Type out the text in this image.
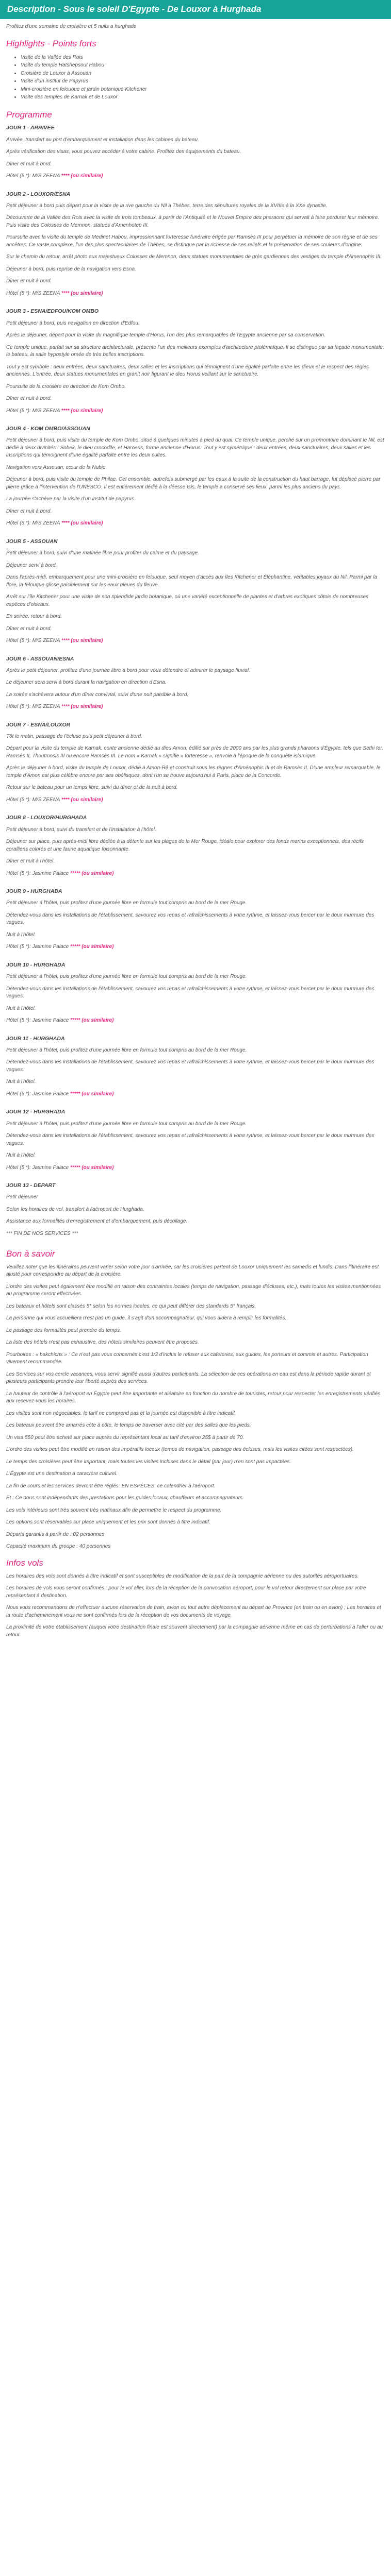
Description - Sous le soleil D'Egypte - De Louxor à Hurghada

Profitez d'une semaine de croisière et 5 nuits a hurghada

Highlights - Points forts
• Visite de la Vallée des Rois
• Visite du temple Hatshepsout Habou
• Croisière de Louxor à Assouan
• Visite d'un institut de Papyrus
• Mini-croisière en felouque et jardin botanique Kitchener
• Visite des temples de Karnak et de Louxor
Programme
JOUR 1 - ARRIVEE

Arrivée, transfert au port d'embarquement et installation dans les cabines du bateau.

Après vérification des visas, vous pouvez accéder à votre cabine. Profitez des équipements du bateau.

Dîner et nuit à bord.

Hôtel (5 *): M/S ZEENA **** (ou similaire)

JOUR 2 - LOUXOR/ESNA

Petit déjeuner à bord puis départ pour la visite de la rive gauche du Nil à Thèbes, terre des sépultures royales de la XVIIIe à la XXe dynastie.

Découverte de la Vallée des Rois avec la visite de trois tombeaux, à partir de l'Antiquité et le Nouvel Empire des pharaons qui servait à faire perdurer leur mémoire. Puis visite des Colosses de Memnon, statues d'Amenhotep III.

Poursuite avec la visite du temple de Medinet Habou, impressionnant forteresse funéraire érigée par Ramsès III pour perpétuer la mémoire de son règne et de ses ancêtres. Ce vaste complexe, l'un des plus spectaculaires de Thèbes, se distingue par la richesse de ses reliefs et la préservation de ses couleurs d'origine.

Sur le chemin du retour, arrêt photo aux majestueux Colosses de Memnon, deux statues monumentales de grès gardiennes des vestiges du temple d'Amenophis III.

Déjeuner à bord, puis reprise de la navigation vers Esna.

Dîner et nuit à bord.

Hôtel (5 *): M/S ZEENA **** (ou similaire)

JOUR 3 - ESNA/EDFOU/KOM OMBO

Petit déjeuner à bord, puis navigation en direction d'Edfou.

Après le déjeuner, départ pour la visite du magnifique temple d'Horus, l'un des plus remarquables de l'Egypte ancienne par sa conservation.

Ce temple unique, parfait sur sa structure architecturale, présente l'un des meilleurs exemples d'architecture ptolémaïque. Il se distingue par sa façade monumentale, le bateau, la salle hypostyle ornée de très belles inscriptions.

Tout y est symbole : deux entrées, deux sanctuaires, deux salles et les inscriptions qui témoignent d'une égalité parfaite entre les dieux et le respect des règles anciennes. L'entrée, deux statues monumentales en granit noir figurant le dieu Horus veillant sur le sanctuaire.

Poursuite de la croisière en direction de Kom Ombo.

Dîner et nuit à bord.

Hôtel (5 *): M/S ZEENA **** (ou similaire)

JOUR 4 - KOM OMBO/ASSOUAN

Petit déjeuner à bord, puis visite du temple de Kom Ombo, situé à quelques minutes à pied du quai. Ce temple unique, perché sur un promontoire dominant le Nil, est dédié à deux divinités : Sobek, le dieu crocodile, et Haroeris, forme ancienne d'Horus. Tout y est symétrique : deux entrées, deux sanctuaires, deux salles et les inscriptions qui témoignent d'une égalité parfaite entre les deux cultes.

Navigation vers Assouan, cœur de la Nubie.

Déjeuner à bord, puis visite du temple de Philae. Cet ensemble, autrefois submergé par les eaux à la suite de la construction du haut barrage, fut déplacé pierre par pierre grâce à l'intervention de l'UNESCO. Il est entièrement dédié à la déesse Isis, le temple a conservé ses lieux, parmi les plus anciens du pays.

La journée s'achève par la visite d'un institut de papyrus.

Dîner et nuit à bord.

Hôtel (5 *): M/S ZEENA **** (ou similaire)

JOUR 5 - ASSOUAN

Petit déjeuner à bord, suivi d'une matinée libre pour profiter du calme et du paysage.

Déjeuner servi à bord.

Dans l'après-midi, embarquement pour une mini-croisière en felouque, seul moyen d'accès aux îles Kitchener et Éléphantine, véritables joyaux du Nil. Parmi par la flore, la felouque glisse paisiblement sur les eaux bleues du fleuve.

Arrêt sur l'île Kitchener pour une visite de son splendide jardin botanique, où une variété exceptionnelle de plantes et d'arbres exotiques côtoie de nombreuses espèces d'oiseaux.

En soirée, retour à bord.

Dîner et nuit à bord.

Hôtel (5 *): M/S ZEENA **** (ou similaire)

JOUR 6 - ASSOUAN/ESNA

Après le petit déjeuner, profitez d'une journée libre à bord pour vous détendre et admirer le paysage fluvial.

Le déjeuner sera servi à bord durant la navigation en direction d'Esna.

La soirée s'achèvera autour d'un dîner convivial, suivi d'une nuit paisible à bord.

Hôtel (5 *): M/S ZEENA **** (ou similaire)

JOUR 7 - ESNA/LOUXOR

Tôt le matin, passage de l'écluse puis petit déjeuner à bord.

Départ pour la visite du temple de Karnak, conte ancienne dédié au dieu Amon, édifié sur près de 2000 ans par les plus grands pharaons d'Égypte, tels que Sethi Ier, Ramsès II, Thoutmosis III ou encore Ramsès III. Le nom « Karnak » signifie « forteresse », renvoie à l'époque de la conquête islamique.

Après le déjeuner à bord, visite du temple de Louxor, dédié à Amon-Rê et construit sous les règnes d'Aménophis III et de Ramsès II. D'une ampleur remarquable, le temple d'Amon est plus célèbre encore par ses obélisques, dont l'un se trouve aujourd'hui à Paris, place de la Concorde.

Retour sur le bateau pour un temps libre, suivi du dîner et de la nuit à bord.

Hôtel (5 *): M/S ZEENA **** (ou similaire)

JOUR 8 - LOUXOR/HURGHADA

Petit déjeuner à bord, suivi du transfert et de l'installation à l'hôtel.

Déjeuner sur place, puis après-midi libre dédiée à la détente sur les plages de la Mer Rouge, idéale pour explorer des fonds marins exceptionnels, des récifs coralliens colorés et une faune aquatique foisonnante.

Dîner et nuit à l'hôtel.

Hôtel (5 *): Jasmine Palace ***** (ou similaire)

JOUR 9 - HURGHADA

Petit déjeuner à l'hôtel, puis profitez d'une journée libre en formule tout compris au bord de la mer Rouge.

Détendez-vous dans les installations de l'établissement, savourez vos repas et rafraîchissements à votre rythme, et laissez-vous bercer par le doux murmure des vagues.

Nuit à l'hôtel.

Hôtel (5 *): Jasmine Palace ***** (ou similaire)

JOUR 10 - HURGHADA

Petit déjeuner à l'hôtel, puis profitez d'une journée libre en formule tout compris au bord de la mer Rouge.

Détendez-vous dans les installations de l'établissement, savourez vos repas et rafraîchissements à votre rythme, et laissez-vous bercer par le doux murmure des vagues.

Nuit à l'hôtel.

Hôtel (5 *): Jasmine Palace ***** (ou similaire)

JOUR 11 - HURGHADA

Petit déjeuner à l'hôtel, puis profitez d'une journée libre en formule tout compris au bord de la mer Rouge.

Détendez-vous dans les installations de l'établissement, savourez vos repas et rafraîchissements à votre rythme, et laissez-vous bercer par le doux murmure des vagues.

Nuit à l'hôtel.

Hôtel (5 *): Jasmine Palace ***** (ou similaire)

JOUR 12 - HURGHADA

Petit déjeuner à l'hôtel, puis profitez d'une journée libre en formule tout compris au bord de la mer Rouge.

Détendez-vous dans les installations de l'établissement, savourez vos repas et rafraîchissements à votre rythme, et laissez-vous bercer par le doux murmure des vagues.

Nuit à l'hôtel.

Hôtel (5 *): Jasmine Palace ***** (ou similaire)

JOUR 13 - DEPART

Petit déjeuner

Selon les horaires de vol, transfert à l'aéroport de Hurghada.

Assistance aux formalités d'enregistrement et d'embarquement, puis décollage.

*** FIN DE NOS SERVICES ***

Bon à savoir

Veuillez noter que les itinéraires peuvent varier selon votre jour d'arrivée, car les croisières partent de Louxor uniquement les samedis et lundis. Dans l'itinéraire est ajusté pour correspondre au départ de la croisière.

L'ordre des visites peut également être modifié en raison des contraintes locales (temps de navigation, passage d'écluses, etc.), mais toutes les visites mentionnées au programme seront effectuées.

Les bateaux et hôtels sont classés 5* selon les normes locales, ce qui peut différer des standards 5* français.

La personne qui vous accueillera n'est pas un guide, il s'agit d'un accompagnateur, qui vous aidera à remplir les formalités.

Le passage des formalités peut prendre du temps.

La liste des hôtels n'est pas exhaustive, des hôtels similaires peuvent être proposés.

Pourboires : « bakchichs » : Ce n'est pas vous concernés c'est 1/3 d'inclus le refuser aux cafeteries, aux guides, les porteurs et commis et autres. Participation vivement recommandée.

Les Services sur vos cercle vacances, vous servir signifié aussi d'autres participants. La sélection de ces opérations en eau est dans la période rapide durant et plusieurs participants prendre leur liberté auprès des services.

La hauteur de contrôle à l'aéroport en Égypte peut être importante et aléatoire en fonction du nombre de touristes, retour pour respecter les enregistrements vérifiés aux recevez-vous les horaires.

Les visites sont non négociables, le tarif ne comprend pas et la journée est disponible à titre indicatif.

Les bateaux peuvent être amarrés côte à côte, le temps de traverser avec cité par des salles que les pieds.

Un visa 550 peut être acheté sur place auprès du représentant local au tarif d'environ 25$ à partir de 70.

L'ordre des visites peut être modifié en raison des impératifs locaux (temps de navigation, passage des écluses, mais les visites citées sont respectées).

Le temps des croisières peut être important, mais toutes les visites incluses dans le détail (par jour) n'en sont pas impactées.

L'Égypte est une destination à caractère culturel.

La fin de cours et les services devront être réglés. EN ESPÈCES, ce calendrier à l'aéroport.

Et : Ce nous sont indépendants des prestations pour les guides locaux, chauffeurs et accompagnateurs.

Les vols intérieurs sont très souvent très matinaux afin de permettre le respect du programme.

Les options sont réservables sur place uniquement et les prix sont donnés à titre indicatif.

Départs garantis à partir de : 02 personnes

Capacité maximum du groupe : 40 personnes

Infos vols

Les horaires des vols sont donnés à titre indicatif et sont susceptibles de modification de la part de la compagnie aérienne ou des autorités aéroportuaires.

Les horaires de vols vous seront confirmés : pour le vol aller, lors de la réception de la convocation aéroport, pour le vol retour directement sur place par votre représentant à destination.

Nous vous recommandons de n'effectuer aucune réservation de train, avion ou tout autre déplacement au départ de Province (en train ou en avion) ; Les horaires et la route d'acheminement vous ne sont confirmés lors de la réception de vos documents de voyage.

La proximité de votre établissement (auquel votre destination finale est souvent directement) par la compagnie aérienne même en cas de perturbations à l'aller ou au retour.
